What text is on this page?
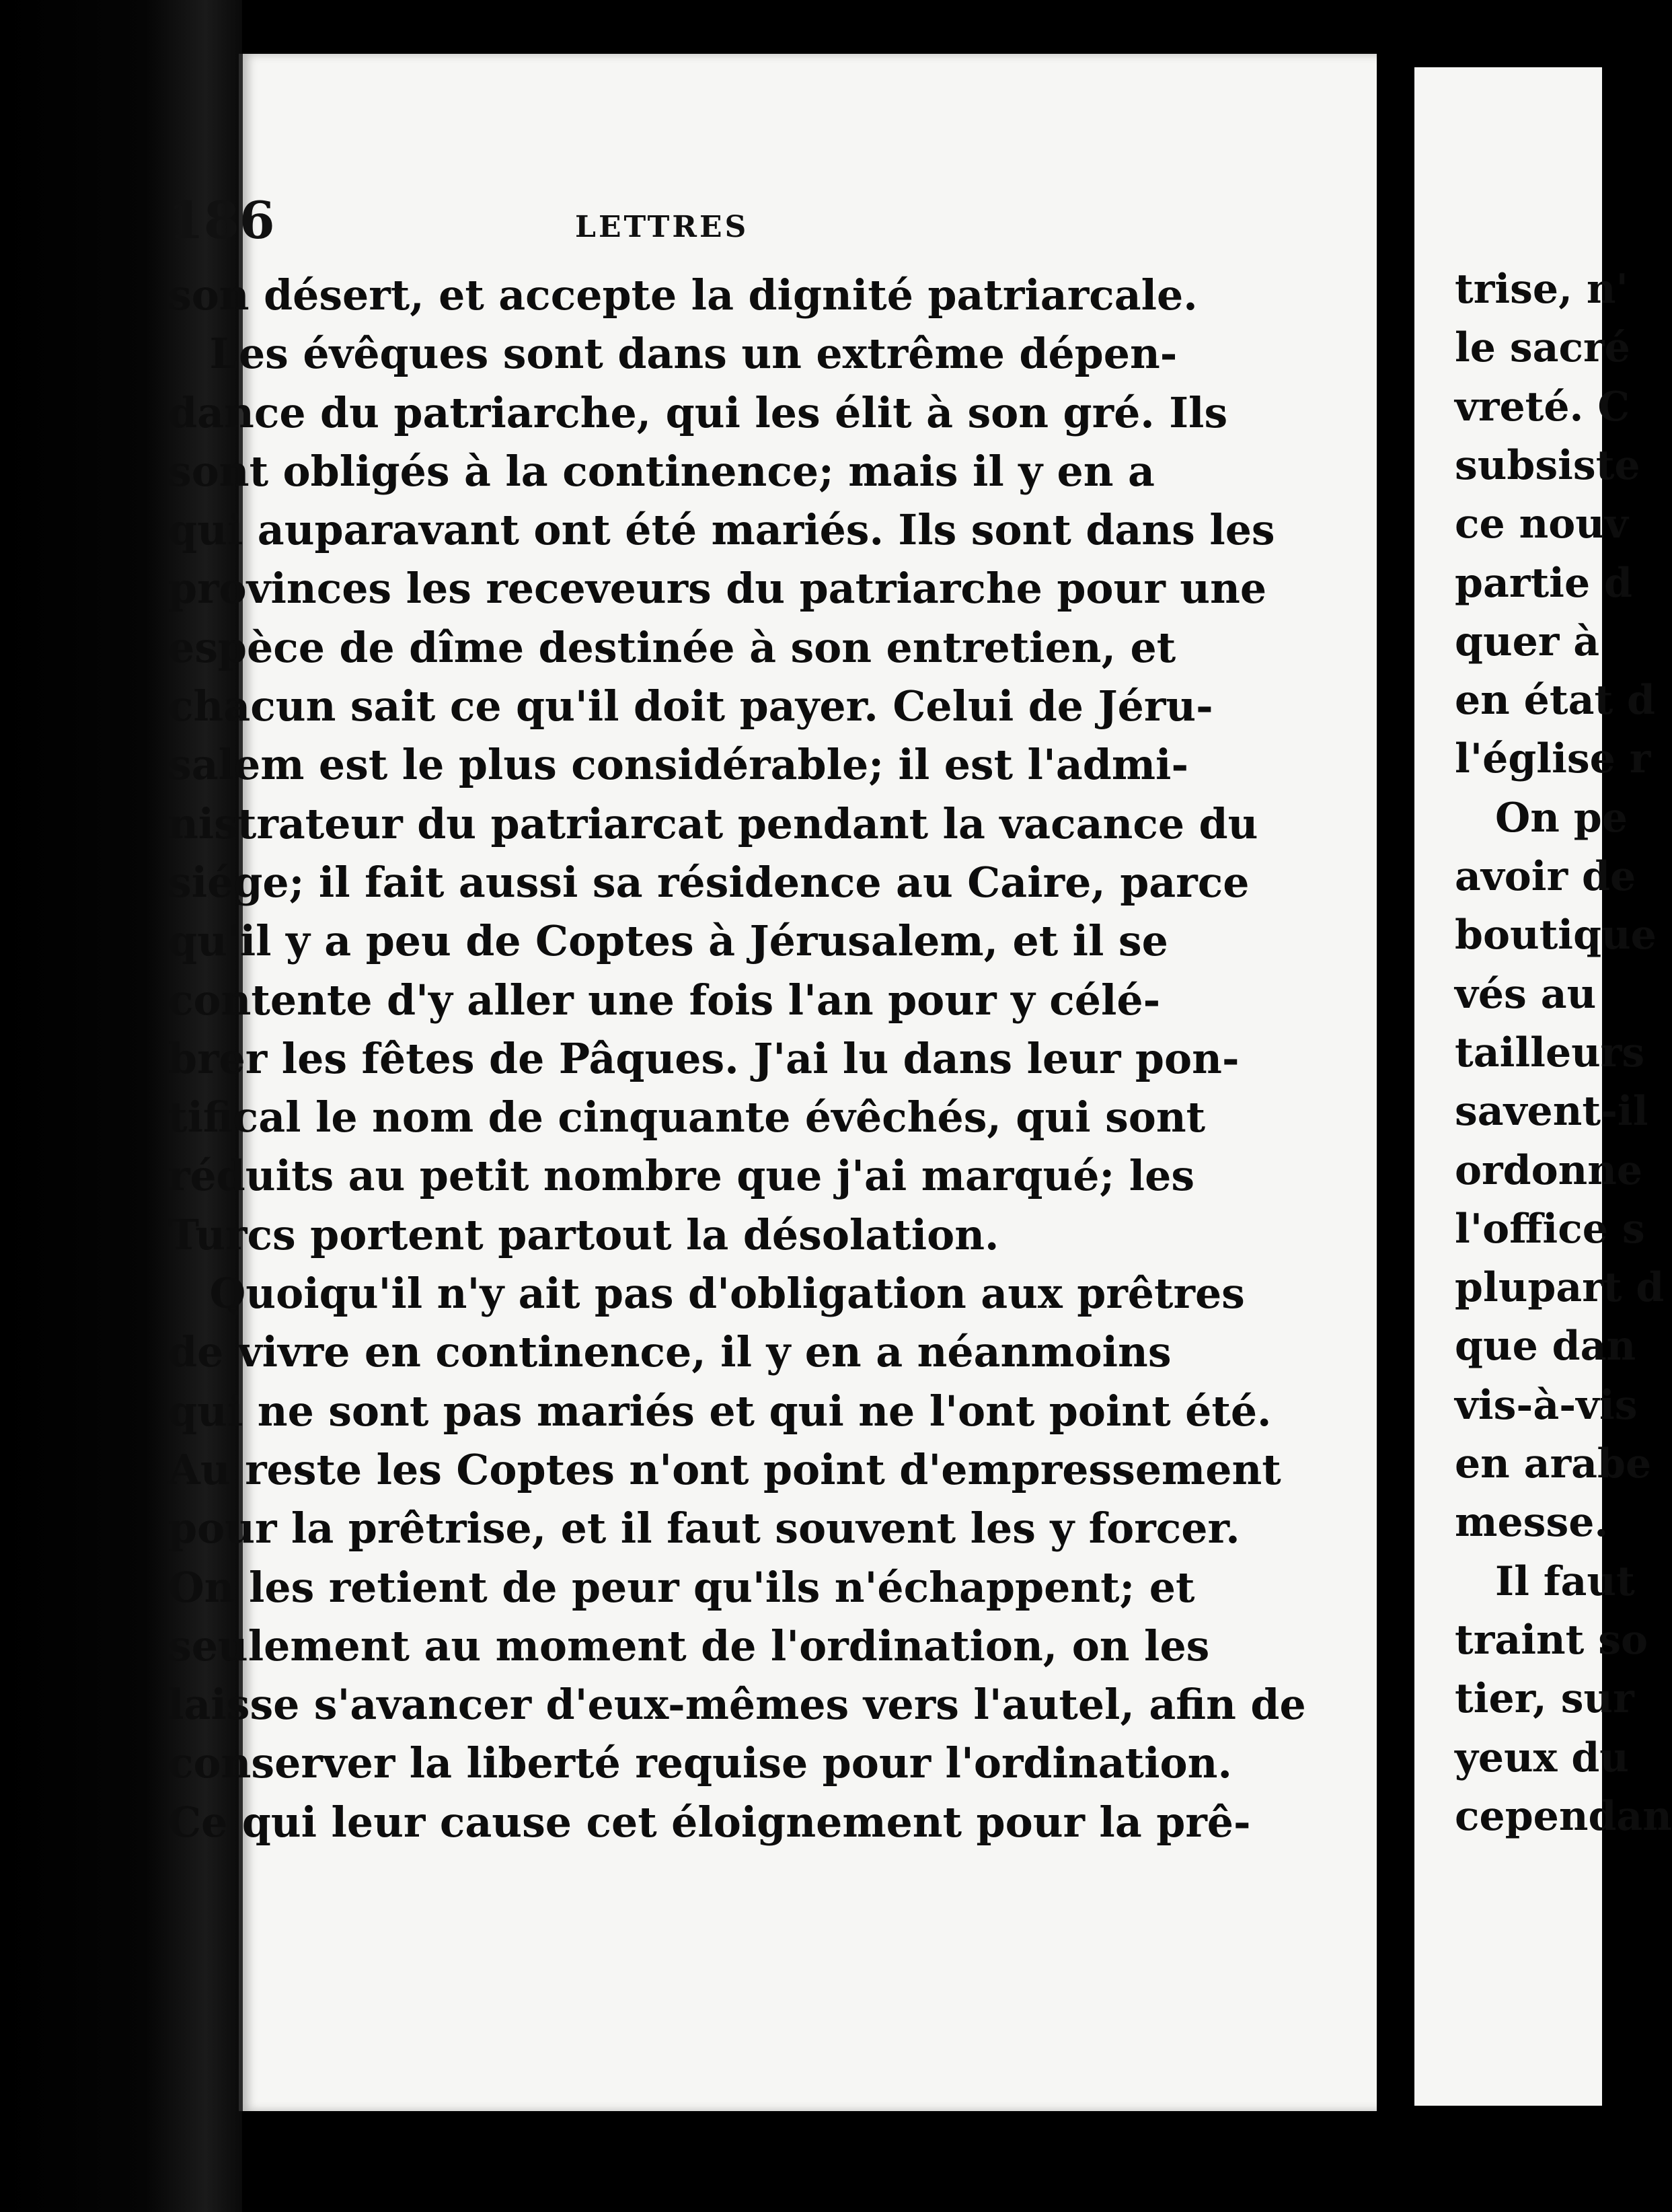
trise, n'
le sacré
vreté. C
subsiste
ce nouv
partie d
quer à
en état d
l'église r
 On pe
avoir de
boutique
vés au
tailleurs
savent-il
ordonne
l'office s
plupart d
que dan
vis-à-vis
en arabe
messe.
 Il faut
traint so
tier, sur
yeux du
cependan
186	LETTRES
son désert, et accepte la dignité patriarcale.
 Les évêques sont dans un extrême dépen-
dance du patriarche, qui les élit à son gré. Ils
sont obligés à la continence; mais il y en a
qui auparavant ont été mariés. Ils sont dans les
provinces les receveurs du patriarche pour une
espèce de dîme destinée à son entretien, et
chacun sait ce qu'il doit payer. Celui de Jéru-
salem est le plus considérable; il est l'admi-
nistrateur du patriarcat pendant la vacance du
siége; il fait aussi sa résidence au Caire, parce
qu'il y a peu de Coptes à Jérusalem, et il se
contente d'y aller une fois l'an pour y célé-
brer les fêtes de Pâques. J'ai lu dans leur pon-
tifical le nom de cinquante évêchés, qui sont
réduits au petit nombre que j'ai marqué; les
Turcs portent partout la désolation.
 Quoiqu'il n'y ait pas d'obligation aux prêtres
de vivre en continence, il y en a néanmoins
qui ne sont pas mariés et qui ne l'ont point été.
Au reste les Coptes n'ont point d'empressement
pour la prêtrise, et il faut souvent les y forcer.
On les retient de peur qu'ils n'échappent; et
seulement au moment de l'ordination, on les
laisse s'avancer d'eux-mêmes vers l'autel, afin de
conserver la liberté requise pour l'ordination.
Ce qui leur cause cet éloignement pour la prê-
